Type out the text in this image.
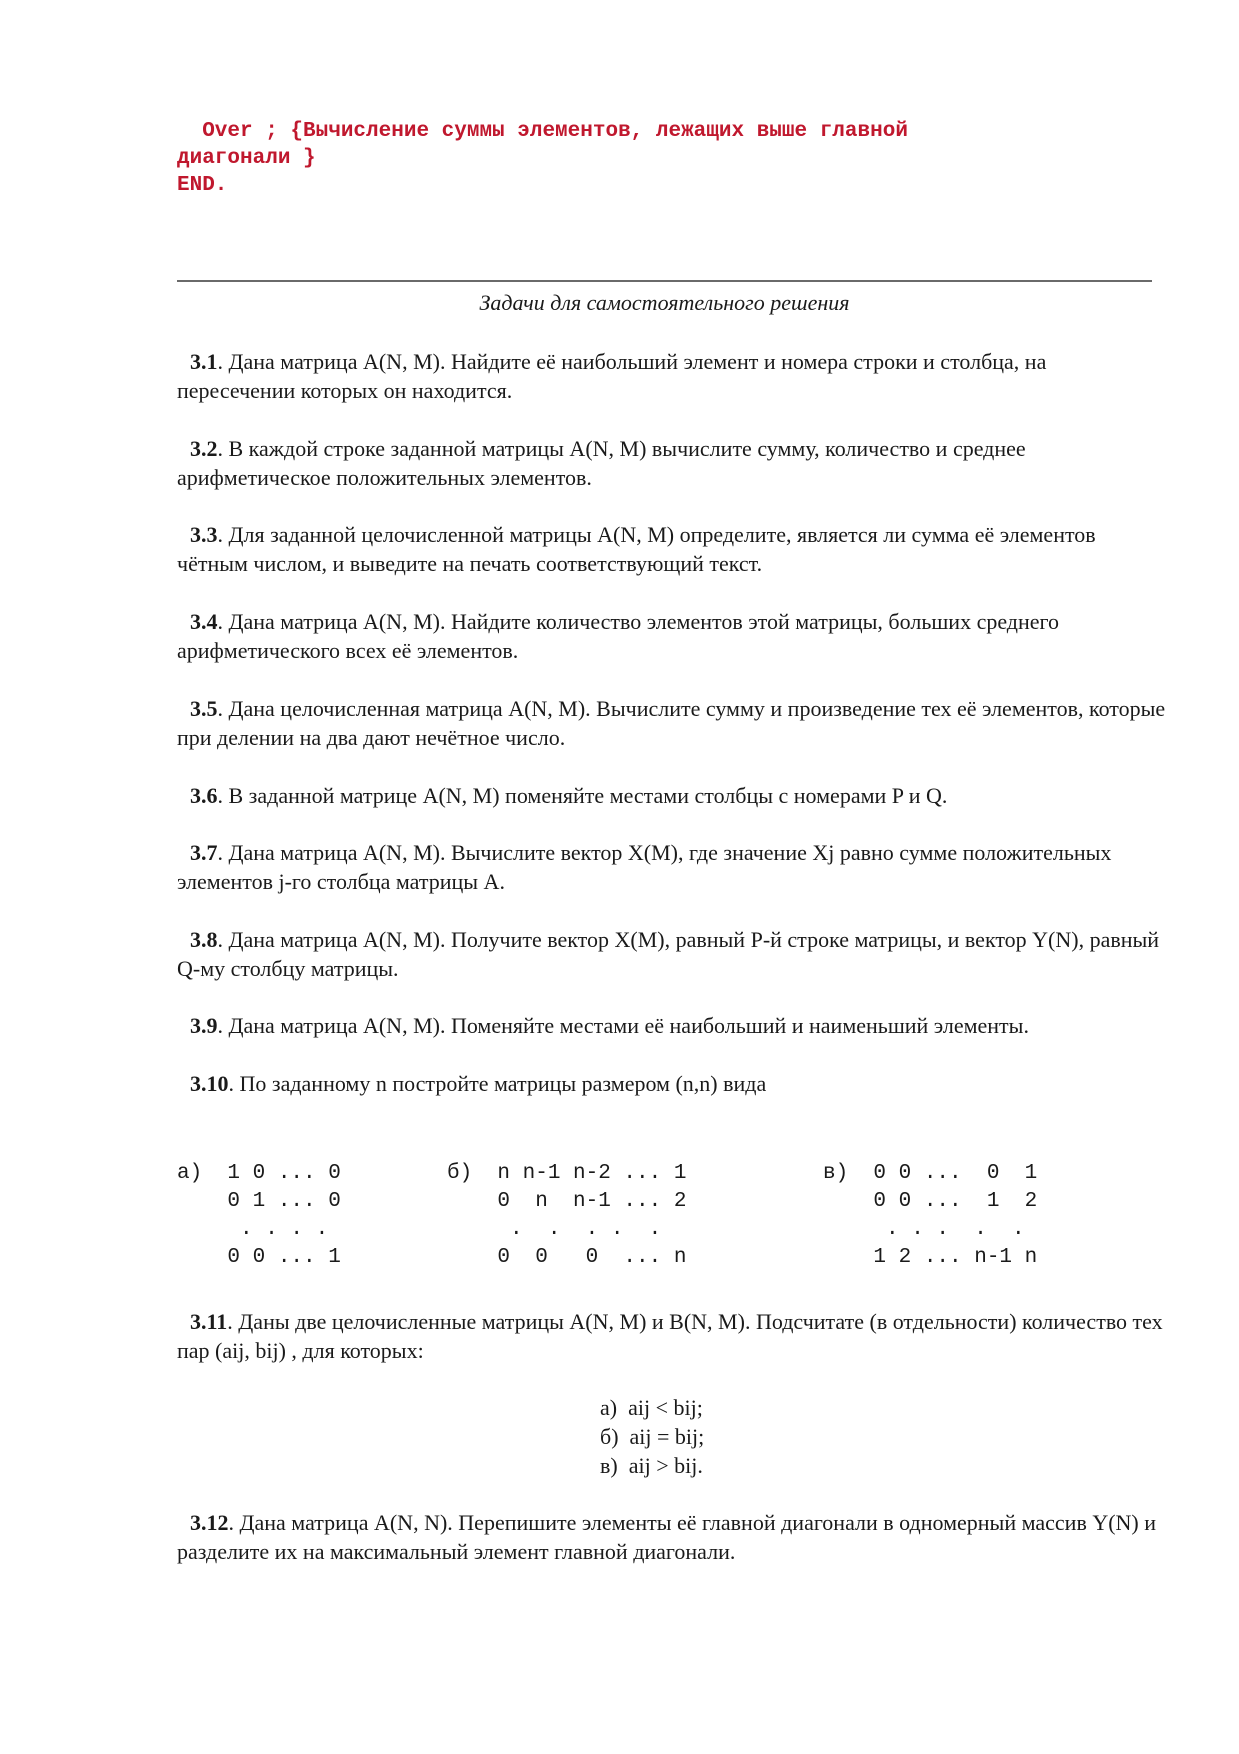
Over ; {Вычисление суммы элементов, лежащих выше главной
диагонали }
END.
Задачи для самостоятельного решения
3.1. Дана матрица A(N, M). Найдите её наибольший элемент и номера строки и столбца, на пересечении которых он находится.
3.2. В каждой строке заданной матрицы A(N, M) вычислите сумму, количество и среднее арифметическое положительных элементов.
3.3. Для заданной целочисленной матрицы A(N, M) определите, является ли сумма её элементов чётным числом, и выведите на печать соответствующий текст.
3.4. Дана матрица A(N, M). Найдите количество элементов этой матрицы, больших среднего арифметического всех её элементов.
3.5. Дана целочисленная матрица A(N, M). Вычислите сумму и произведение тех её элементов, которые при делении на два дают нечётное число.
3.6. В заданной матрице A(N, M) поменяйте местами столбцы с номерами P и Q.
3.7. Дана матрица A(N, M). Вычислите вектор X(M), где значение Xj равно сумме положительных элементов j-го столбца матрицы A.
3.8. Дана матрица A(N, M). Получите вектор X(M), равный P-й строке матрицы, и вектор Y(N), равный Q-му столбцу матрицы.
3.9. Дана матрица A(N, M). Поменяйте местами её наибольший и наименьший элементы.
3.10. По заданному n постройте матрицы размером (n,n) вида
а)  1 0 ... 0
0 1 ... 0
. . . .
0 0 ... 1
б)  n n-1 n-2 ... 1
0  n  n-1 ... 2
.  .  . .  .
0  0   0  ... n
в)  0 0 ...  0  1
0 0 ...  1  2
. . .  .  .
1 2 ... n-1 n
3.11. Даны две целочисленные матрицы A(N, M) и B(N, M). Подсчитате (в отдельности) количество тех пар (aij, bij) , для которых:
а)  aij < bij;
б)  aij = bij;
в)  aij > bij.
3.12. Дана матрица A(N, N). Перепишите элементы её главной диагонали в одномерный массив Y(N) и разделите их на максимальный элемент главной диагонали.
